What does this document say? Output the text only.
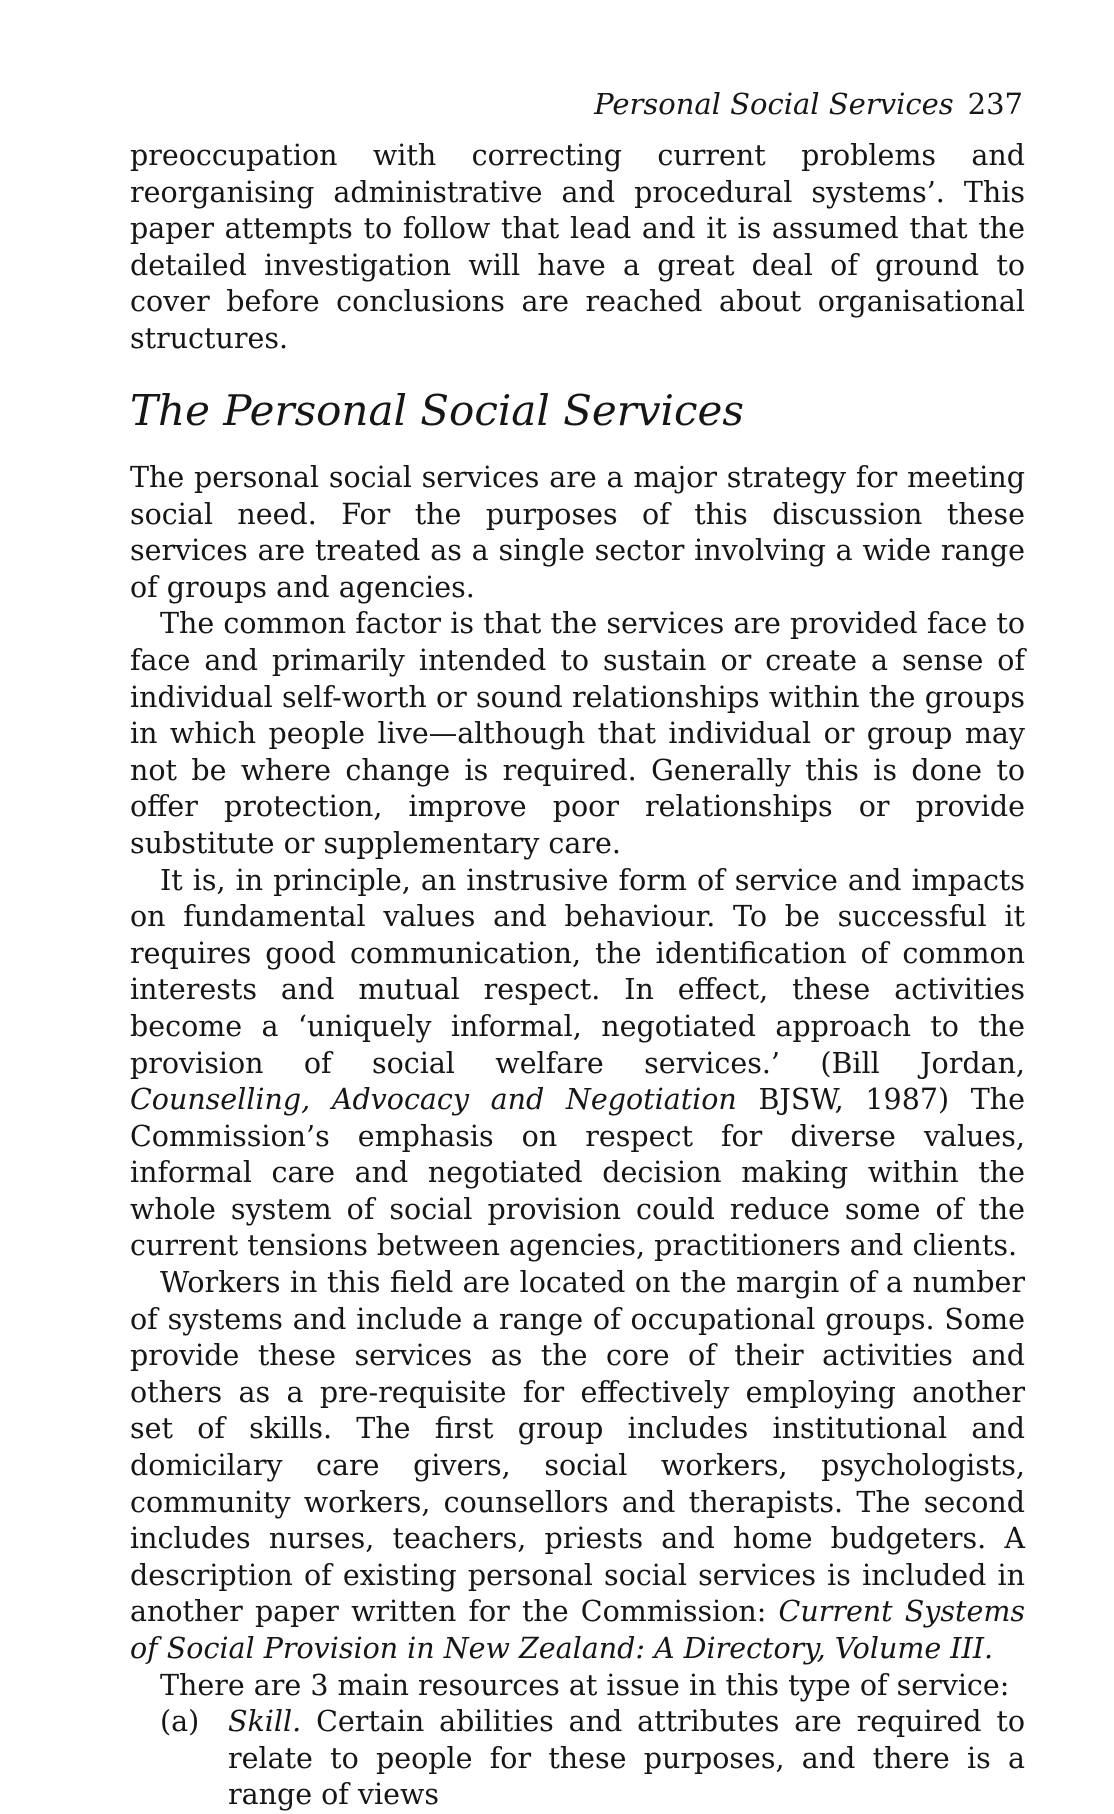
Personal Social Services 237

preoccupation with correcting current problems and reorganising administrative and procedural systems’. This paper attempts to follow that lead and it is assumed that the detailed investigation will have a great deal of ground to cover before conclusions are reached about organisational structures.

The Personal Social Services

The personal social services are a major strategy for meeting social need. For the purposes of this discussion these services are treated as a single sector involving a wide range of groups and agencies.

The common factor is that the services are provided face to face and primarily intended to sustain or create a sense of individual self-worth or sound relationships within the groups in which people live—although that individual or group may not be where change is required. Generally this is done to offer protection, improve poor relationships or provide substitute or supplementary care.

It is, in principle, an instrusive form of service and impacts on fundamental values and behaviour. To be successful it requires good communication, the identification of common interests and mutual respect. In effect, these activities become a ‘uniquely informal, negotiated approach to the provision of social welfare services.’ (Bill Jordan, Counselling, Advocacy and Negotiation BJSW, 1987) The Commission’s emphasis on respect for diverse values, informal care and negotiated decision making within the whole system of social provision could reduce some of the current tensions between agencies, practitioners and clients.

Workers in this field are located on the margin of a number of systems and include a range of occupational groups. Some provide these services as the core of their activities and others as a pre-requisite for effectively employing another set of skills. The first group includes institutional and domicilary care givers, social workers, psychologists, community workers, counsellors and therapists. The second includes nurses, teachers, priests and home budgeters. A description of existing personal social services is included in another paper written for the Commission: Current Systems of Social Provision in New Zealand: A Directory, Volume III.

There are 3 main resources at issue in this type of service:

(a)	Skill. Certain abilities and attributes are required to relate to people for these purposes, and there is a range of views
